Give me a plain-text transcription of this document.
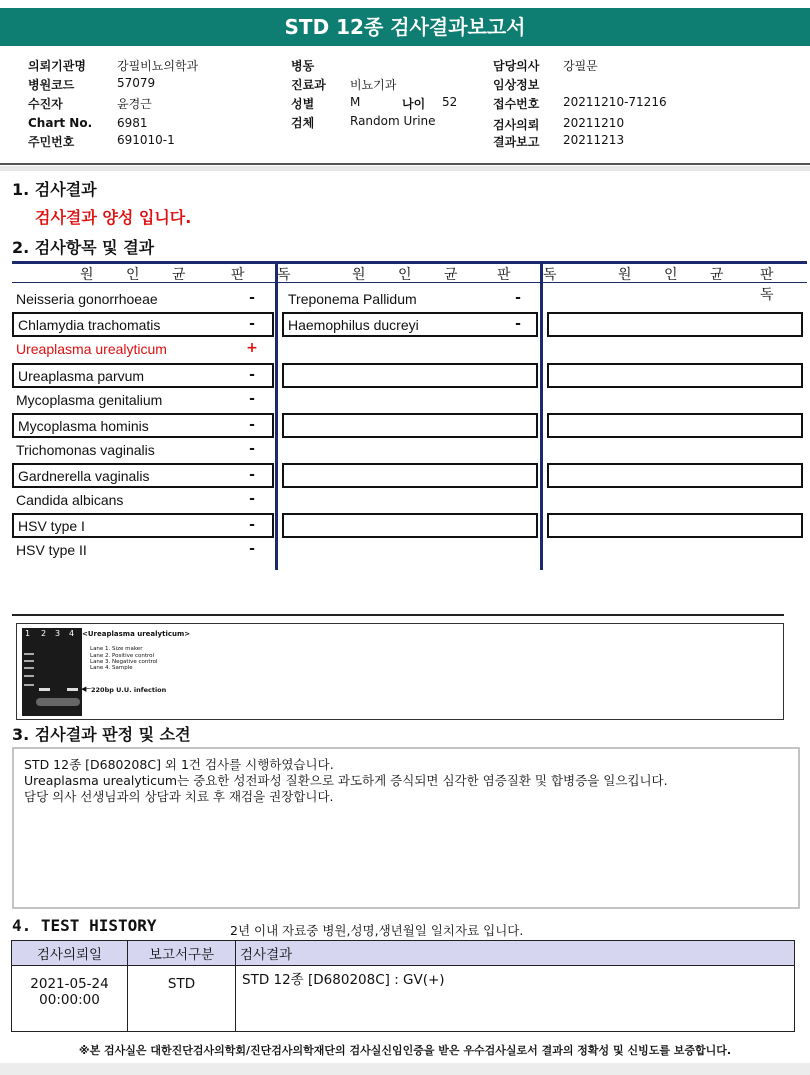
STD 12종 검사결과보고서
의뢰기관명	강필비뇨의학과
병원코드	57079
수진자	윤경근
Chart No. 6981
주민번호	691010-1
병동
진료과 비뇨기과
성별	M	나이 52
검체	Random Urine
담당의사 강필문
임상정보
접수번호 20211210-71216
검사의뢰 20211210
결과보고 20211213
1. 검사결과
검사결과 양성 입니다.
2. 검사항목 및 결과
원 인 균 판 독	원 인 균 판 독	원 인 균 판 독
Neisseria gonorrhoeae	-
Chlamydia trachomatis	-
Ureaplasma urealyticum	+
Ureaplasma parvum	-
Mycoplasma genitalium	-
Mycoplasma hominis	-
Trichomonas vaginalis	-
Gardnerella vaginalis	-
Candida albicans	-
HSV type I	-
HSV type II	-
Treponema Pallidum	-
Haemophilus ducreyi	-
1 2 3 4 <Ureaplasma urealyticum>
Lane 1. Size maker
Lane 2. Positive control
Lane 3. Negative control
Lane 4. Sample
◀─ 220bp U.U. infection
3. 검사결과 판정 및 소견
STD 12종 [D680208C] 외 1건 검사를 시행하였습니다.
Ureaplasma urealyticum는 중요한 성전파성 질환으로 과도하게 증식되면 심각한 염증질환 및 합병증을 일으킵니다.
담당 의사 선생님과의 상담과 치료 후 재검을 권장합니다.
4. TEST HISTORY	2년 이내 자료중 병원,성명,생년월일 일치자료 입니다.
검사의뢰일	보고서구분	검사결과

2021-05-24
00:00:00	STD	STD 12종 [D680208C] : GV(+)
※본 검사실은 대한진단검사의학회/진단검사의학재단의 검사실신임인증을 받은 우수검사실로서 결과의 정확성 및 신빙도를 보증합니다.
